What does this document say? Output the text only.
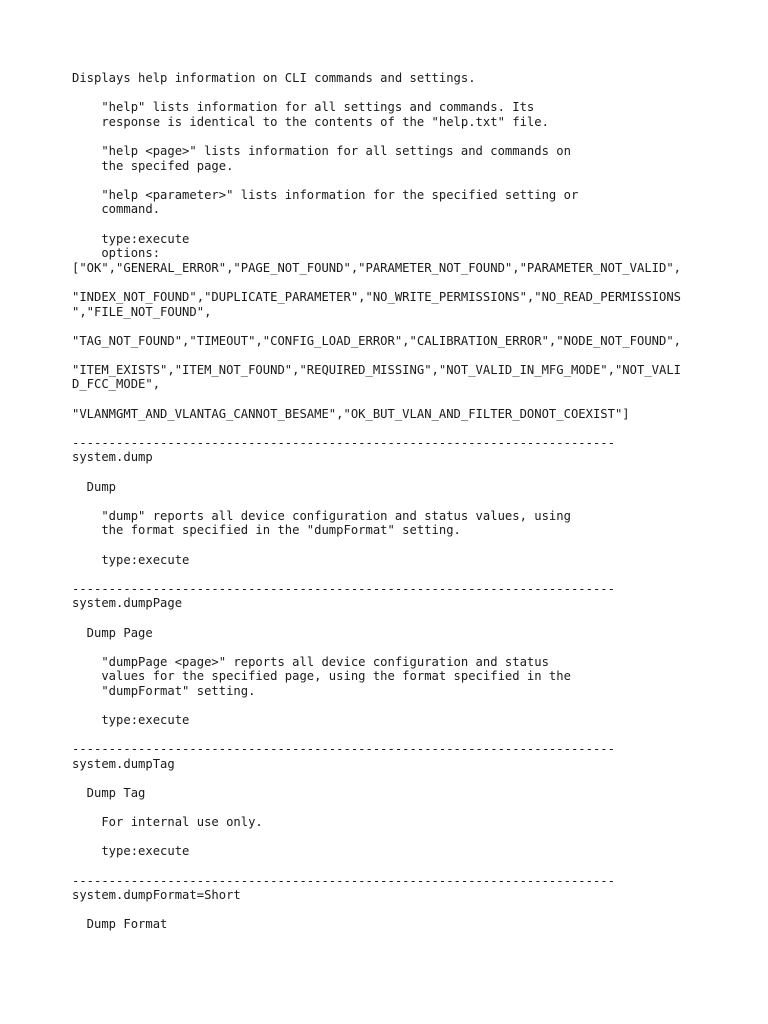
Displays help information on CLI commands and settings.

"help" lists information for all settings and commands. Its
response is identical to the contents of the "help.txt" file.

"help <page>" lists information for all settings and commands on
the specifed page.

"help <parameter>" lists information for the specified setting or
command.

type:execute
options:
["OK","GENERAL_ERROR","PAGE_NOT_FOUND","PARAMETER_NOT_FOUND","PARAMETER_NOT_VALID",

"INDEX_NOT_FOUND","DUPLICATE_PARAMETER","NO_WRITE_PERMISSIONS","NO_READ_PERMISSIONS
","FILE_NOT_FOUND",

"TAG_NOT_FOUND","TIMEOUT","CONFIG_LOAD_ERROR","CALIBRATION_ERROR","NODE_NOT_FOUND",

"ITEM_EXISTS","ITEM_NOT_FOUND","REQUIRED_MISSING","NOT_VALID_IN_MFG_MODE","NOT_VALI
D_FCC_MODE",

"VLANMGMT_AND_VLANTAG_CANNOT_BESAME","OK_BUT_VLAN_AND_FILTER_DONOT_COEXIST"]

--------------------------------------------------------------------------
system.dump

Dump

"dump" reports all device configuration and status values, using
the format specified in the "dumpFormat" setting.

type:execute

--------------------------------------------------------------------------
system.dumpPage

Dump Page

"dumpPage <page>" reports all device configuration and status
values for the specified page, using the format specified in the
"dumpFormat" setting.

type:execute

--------------------------------------------------------------------------
system.dumpTag

Dump Tag

For internal use only.

type:execute

--------------------------------------------------------------------------
system.dumpFormat=Short

Dump Format
